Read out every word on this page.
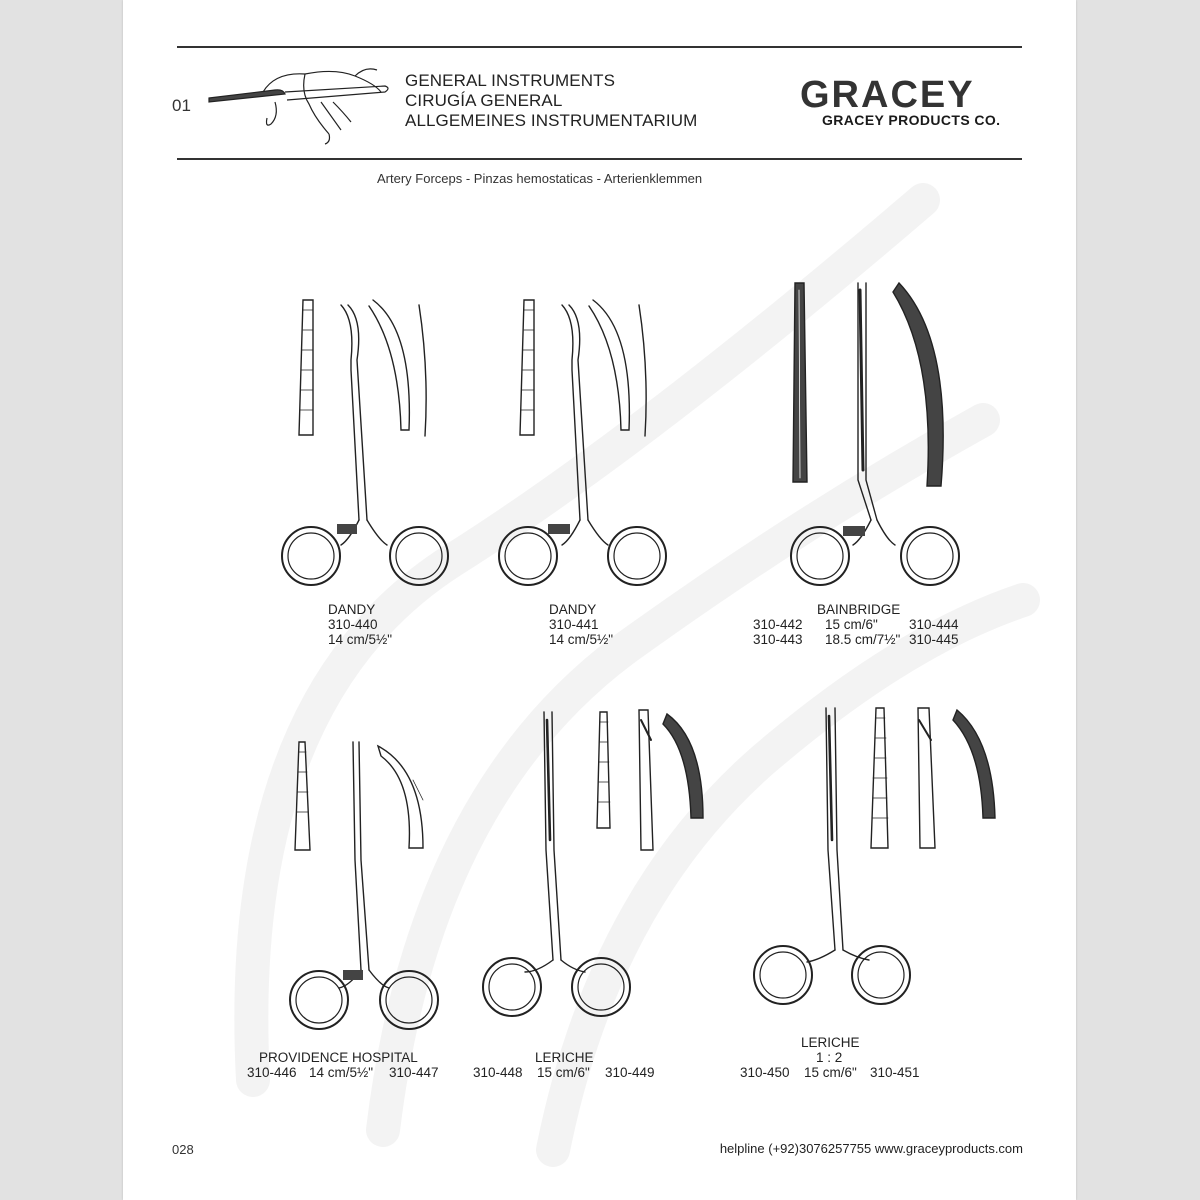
01
GENERAL INSTRUMENTS
CIRUGÍA GENERAL
ALLGEMEINES INSTRUMENTARIUM
GRACEY
GRACEY PRODUCTS CO.
Artery Forceps - Pinzas hemostaticas - Arterienklemmen
DANDY
310-440
14 cm/5½"
DANDY
310-441
14 cm/5½"
BAINBRIDGE
310-442 15 cm/6" 310-444
310-443 18.5 cm/7½" 310-445
PROVIDENCE HOSPITAL
310-446 14 cm/5½" 310-447
LERICHE
310-448 15 cm/6" 310-449
LERICHE
1 : 2
310-450 15 cm/6" 310-451
028	helpline (+92)3076257755 www.graceyproducts.com
